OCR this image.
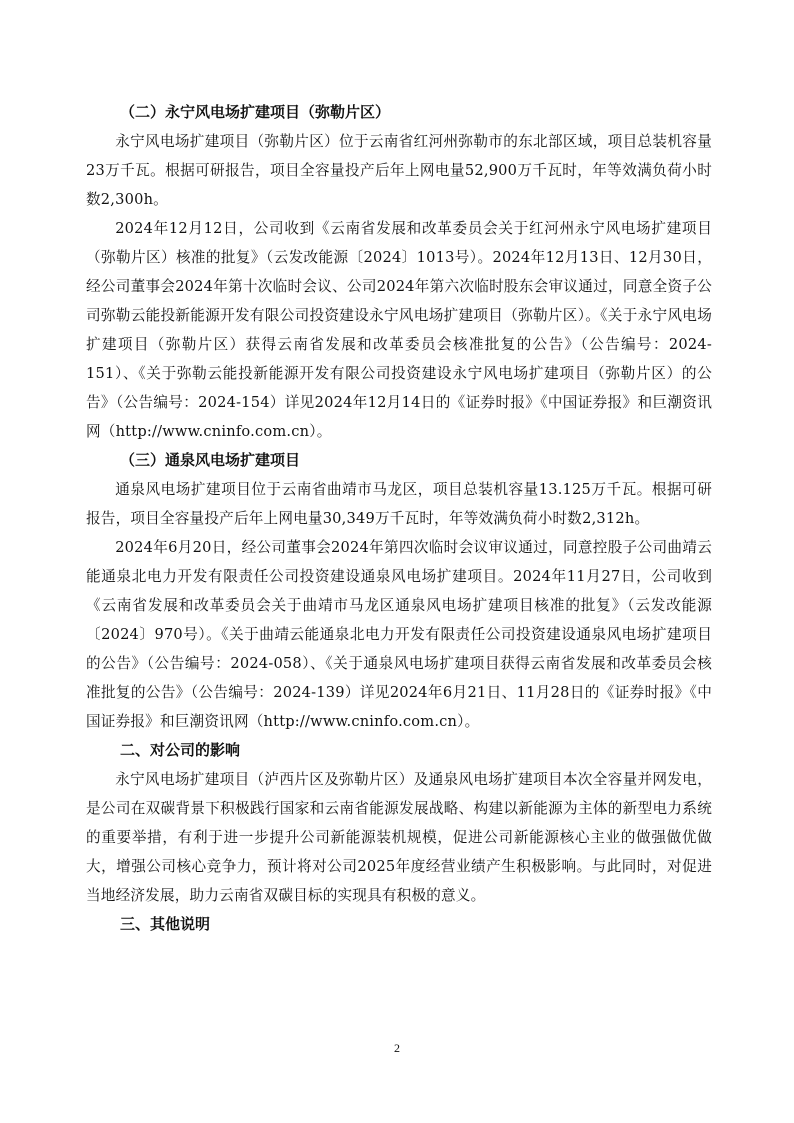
（二）永宁风电场扩建项目（弥勒片区）

永宁风电场扩建项目（弥勒片区）位于云南省红河州弥勒市的东北部区域，项目总装机容量23万千瓦。根据可研报告，项目全容量投产后年上网电量52,900万千瓦时，年等效满负荷小时数2,300h。

2024年12月12日，公司收到《云南省发展和改革委员会关于红河州永宁风电场扩建项目（弥勒片区）核准的批复》（云发改能源〔2024〕1013号）。2024年12月13日、12月30日，经公司董事会2024年第十次临时会议、公司2024年第六次临时股东会审议通过，同意全资子公司弥勒云能投新能源开发有限公司投资建设永宁风电场扩建项目（弥勒片区）。《关于永宁风电场扩建项目（弥勒片区）获得云南省发展和改革委员会核准批复的公告》（公告编号：2024-151）、《关于弥勒云能投新能源开发有限公司投资建设永宁风电场扩建项目（弥勒片区）的公告》（公告编号：2024-154）详见2024年12月14日的《证券时报》《中国证券报》和巨潮资讯网（http://www.cninfo.com.cn）。

（三）通泉风电场扩建项目

通泉风电场扩建项目位于云南省曲靖市马龙区，项目总装机容量13.125万千瓦。根据可研报告，项目全容量投产后年上网电量30,349万千瓦时，年等效满负荷小时数2,312h。

2024年6月20日，经公司董事会2024年第四次临时会议审议通过，同意控股子公司曲靖云能通泉北电力开发有限责任公司投资建设通泉风电场扩建项目。2024年11月27日，公司收到《云南省发展和改革委员会关于曲靖市马龙区通泉风电场扩建项目核准的批复》（云发改能源〔2024〕970号）。《关于曲靖云能通泉北电力开发有限责任公司投资建设通泉风电场扩建项目的公告》（公告编号：2024-058）、《关于通泉风电场扩建项目获得云南省发展和改革委员会核准批复的公告》（公告编号：2024-139）详见2024年6月21日、11月28日的《证券时报》《中国证券报》和巨潮资讯网（http://www.cninfo.com.cn）。

二、对公司的影响

永宁风电场扩建项目（泸西片区及弥勒片区）及通泉风电场扩建项目本次全容量并网发电，是公司在双碳背景下积极践行国家和云南省能源发展战略、构建以新能源为主体的新型电力系统的重要举措，有利于进一步提升公司新能源装机规模，促进公司新能源核心主业的做强做优做大，增强公司核心竞争力，预计将对公司2025年度经营业绩产生积极影响。与此同时，对促进当地经济发展，助力云南省双碳目标的实现具有积极的意义。

三、其他说明

2
